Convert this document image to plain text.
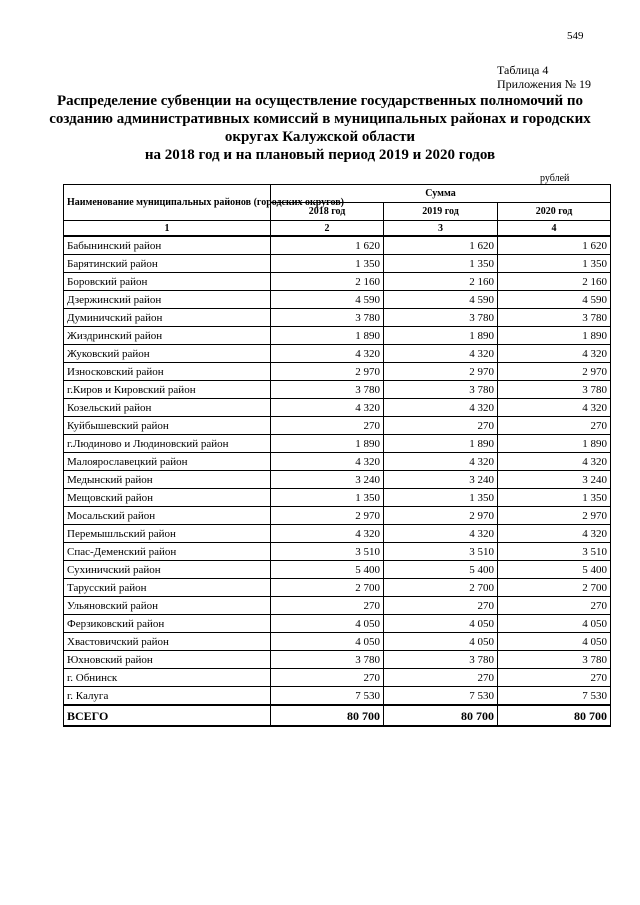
549
Таблица 4
Приложения № 19
Распределение субвенции на осуществление государственных полномочий по
созданию административных комиссий в муниципальных районах и городских
округах Калужской области
на 2018 год и на плановый период 2019 и 2020 годов
рублей
Наименование муниципальных районов (городских округов)	Сумма		
	2018 год	2019 год	2020 год
1	2	3	4
Бабынинский район	1 620	1 620	1 620
Барятинский район	1 350	1 350	1 350
Боровский район	2 160	2 160	2 160
Дзержинский район	4 590	4 590	4 590
Думиничский район	3 780	3 780	3 780
Жиздринский район	1 890	1 890	1 890
Жуковский район	4 320	4 320	4 320
Износковский район	2 970	2 970	2 970
г.Киров и Кировский район	3 780	3 780	3 780
Козельский район	4 320	4 320	4 320
Куйбышевский район	270	270	270
г.Людиново и Людиновский район	1 890	1 890	1 890
Малоярославецкий район	4 320	4 320	4 320
Медынский район	3 240	3 240	3 240
Мещовский район	1 350	1 350	1 350
Мосальский район	2 970	2 970	2 970
Перемышльский район	4 320	4 320	4 320
Спас-Деменский район	3 510	3 510	3 510
Сухиничский район	5 400	5 400	5 400
Тарусский район	2 700	2 700	2 700
Ульяновский район	270	270	270
Ферзиковский район	4 050	4 050	4 050
Хвастовичский район	4 050	4 050	4 050
Юхновский район	3 780	3 780	3 780
г. Обнинск	270	270	270
г. Калуга	7 530	7 530	7 530
ВСЕГО	80 700	80 700	80 700
